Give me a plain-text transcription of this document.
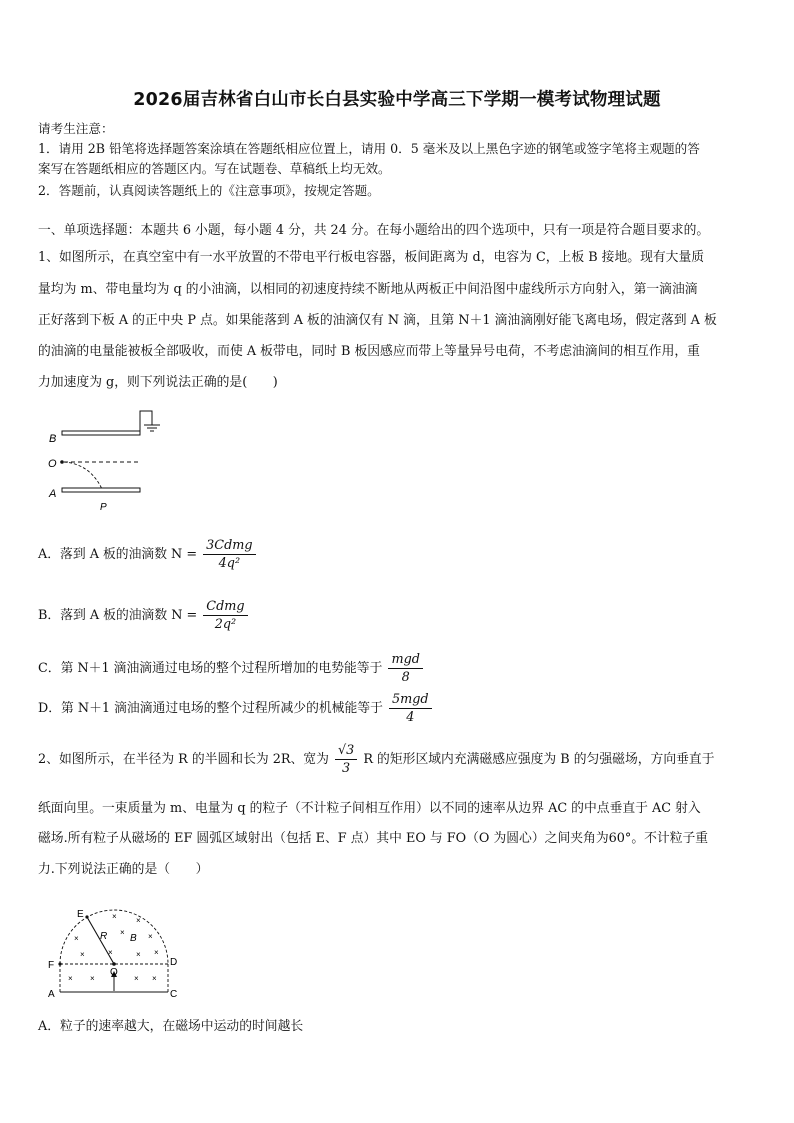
2026届吉林省白山市长白县实验中学高三下学期一模考试物理试题
请考生注意：
1．请用 2B 铅笔将选择题答案涂填在答题纸相应位置上，请用 0．5 毫米及以上黑色字迹的钢笔或签字笔将主观题的答
案写在答题纸相应的答题区内。写在试题卷、草稿纸上均无效。
2．答题前，认真阅读答题纸上的《注意事项》，按规定答题。
一、单项选择题：本题共 6 小题，每小题 4 分，共 24 分。在每小题给出的四个选项中，只有一项是符合题目要求的。
1、如图所示，在真空室中有一水平放置的不带电平行板电容器，板间距离为 d，电容为 C，上板 B 接地。现有大量质
量均为 m、带电量均为 q 的小油滴，以相同的初速度持续不断地从两板正中间沿图中虚线所示方向射入，第一滴油滴
正好落到下板 A 的正中央 P 点。如果能落到 A 板的油滴仅有 N 滴，且第 N＋1 滴油滴刚好能飞离电场，假定落到 A 板
的油滴的电量能被板全部吸收，而使 A 板带电，同时 B 板因感应而带上等量异号电荷，不考虑油滴间的相互作用，重
力加速度为 g，则下列说法正确的是(　　)
B
O
A
P
A．落到 A 板的油滴数 $N = \frac{\text{3Cdmg}}{\text{4q²}}$
B．落到 A 板的油滴数 $N = \frac{\text{Cdmg}}{\text{2q²}}$
C．第 N＋1 滴油滴通过电场的整个过程所增加的电势能等于 $\frac{\text{mgd}}{8}$
D．第 N＋1 滴油滴通过电场的整个过程所减少的机械能等于 $\frac{\text{5mgd}}{4}$
2、如图所示，在半径为 R 的半圆和长为 2R、宽为 $\frac{√3}{3}$ R 的矩形区域内充满磁感应强度为 B 的匀强磁场，方向垂直于
纸面向里。一束质量为 m、电量为 q 的粒子（不计粒子间相互作用）以不同的速率从边界 AC 的中点垂直于 AC 射入
磁场.所有粒子从磁场的 EF 圆弧区域射出（包括 E、F 点）其中 EO 与 FO（O 为圆心）之间夹角为60°。不计粒子重
力.下列说法正确的是（　　）
E
R B
F	D
O
A	C
× ×
×
×	×
×	×	× ×
× ×	× ×
A．粒子的速率越大，在磁场中运动的时间越长
